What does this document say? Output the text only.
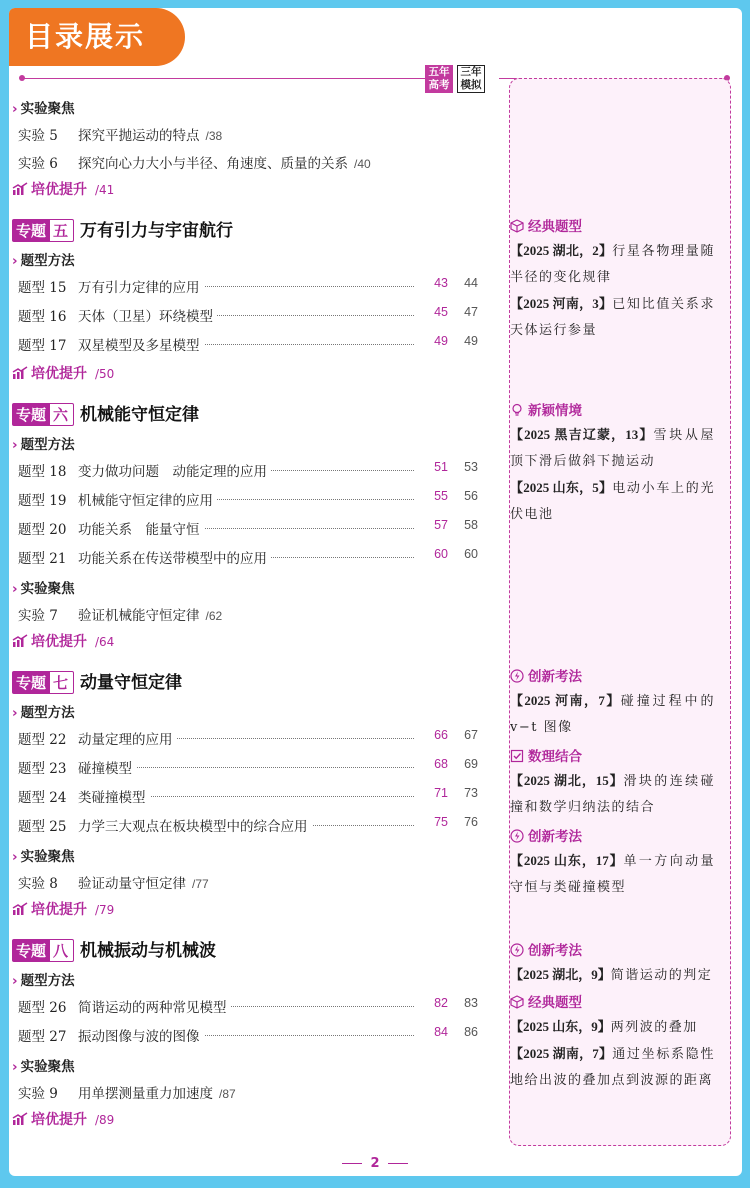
目录展示
五年
高考
三年
模拟
› 实验聚焦
实验 5 探究平抛运动的特点 /38
实验 6 探究向心力大小与半径、角速度、质量的关系 /40
培优提升 /41
专题 五 万有引力与宇宙航行
› 题型方法
题型 15 万有引力定律的应用	43 44
题型 16 天体（卫星）环绕模型	45 47
题型 17 双星模型及多星模型	49 49
培优提升 /50
专题 六 机械能守恒定律
› 题型方法
题型 18 变力做功问题　动能定理的应用	51 53
题型 19 机械能守恒定律的应用	55 56
题型 20 功能关系　能量守恒	57 58
题型 21 功能关系在传送带模型中的应用	60 60
› 实验聚焦
实验 7 验证机械能守恒定律 /62
培优提升 /64
专题 七 动量守恒定律
› 题型方法
题型 22 动量定理的应用	66 67
题型 23 碰撞模型	68 69
题型 24 类碰撞模型	71 73
题型 25 力学三大观点在板块模型中的综合应用	75 76
› 实验聚焦
实验 8 验证动量守恒定律 /77
培优提升 /79
专题 八 机械振动与机械波
› 题型方法
题型 26 简谐运动的两种常见模型	82 83
题型 27 振动图像与波的图像	84 86
› 实验聚焦
实验 9 用单摆测量重力加速度 /87
培优提升 /89
经典题型
【2025 湖北，2】行星各物理量随半径的变化规律
【2025 河南，3】已知比值关系求天体运行参量
新颖情境
【2025 黑吉辽蒙，13】雪块从屋顶下滑后做斜下抛运动
【2025 山东，5】电动小车上的光伏电池
创新考法
【2025 河南，7】碰撞过程中的 v−t 图像
数理结合
【2025 湖北，15】滑块的连续碰撞和数学归纳法的结合
创新考法
【2025 山东，17】单一方向动量守恒与类碰撞模型
创新考法
【2025 湖北，9】简谐运动的判定
经典题型
【2025 山东，9】两列波的叠加
【2025 湖南，7】通过坐标系隐性地给出波的叠加点到波源的距离
2
